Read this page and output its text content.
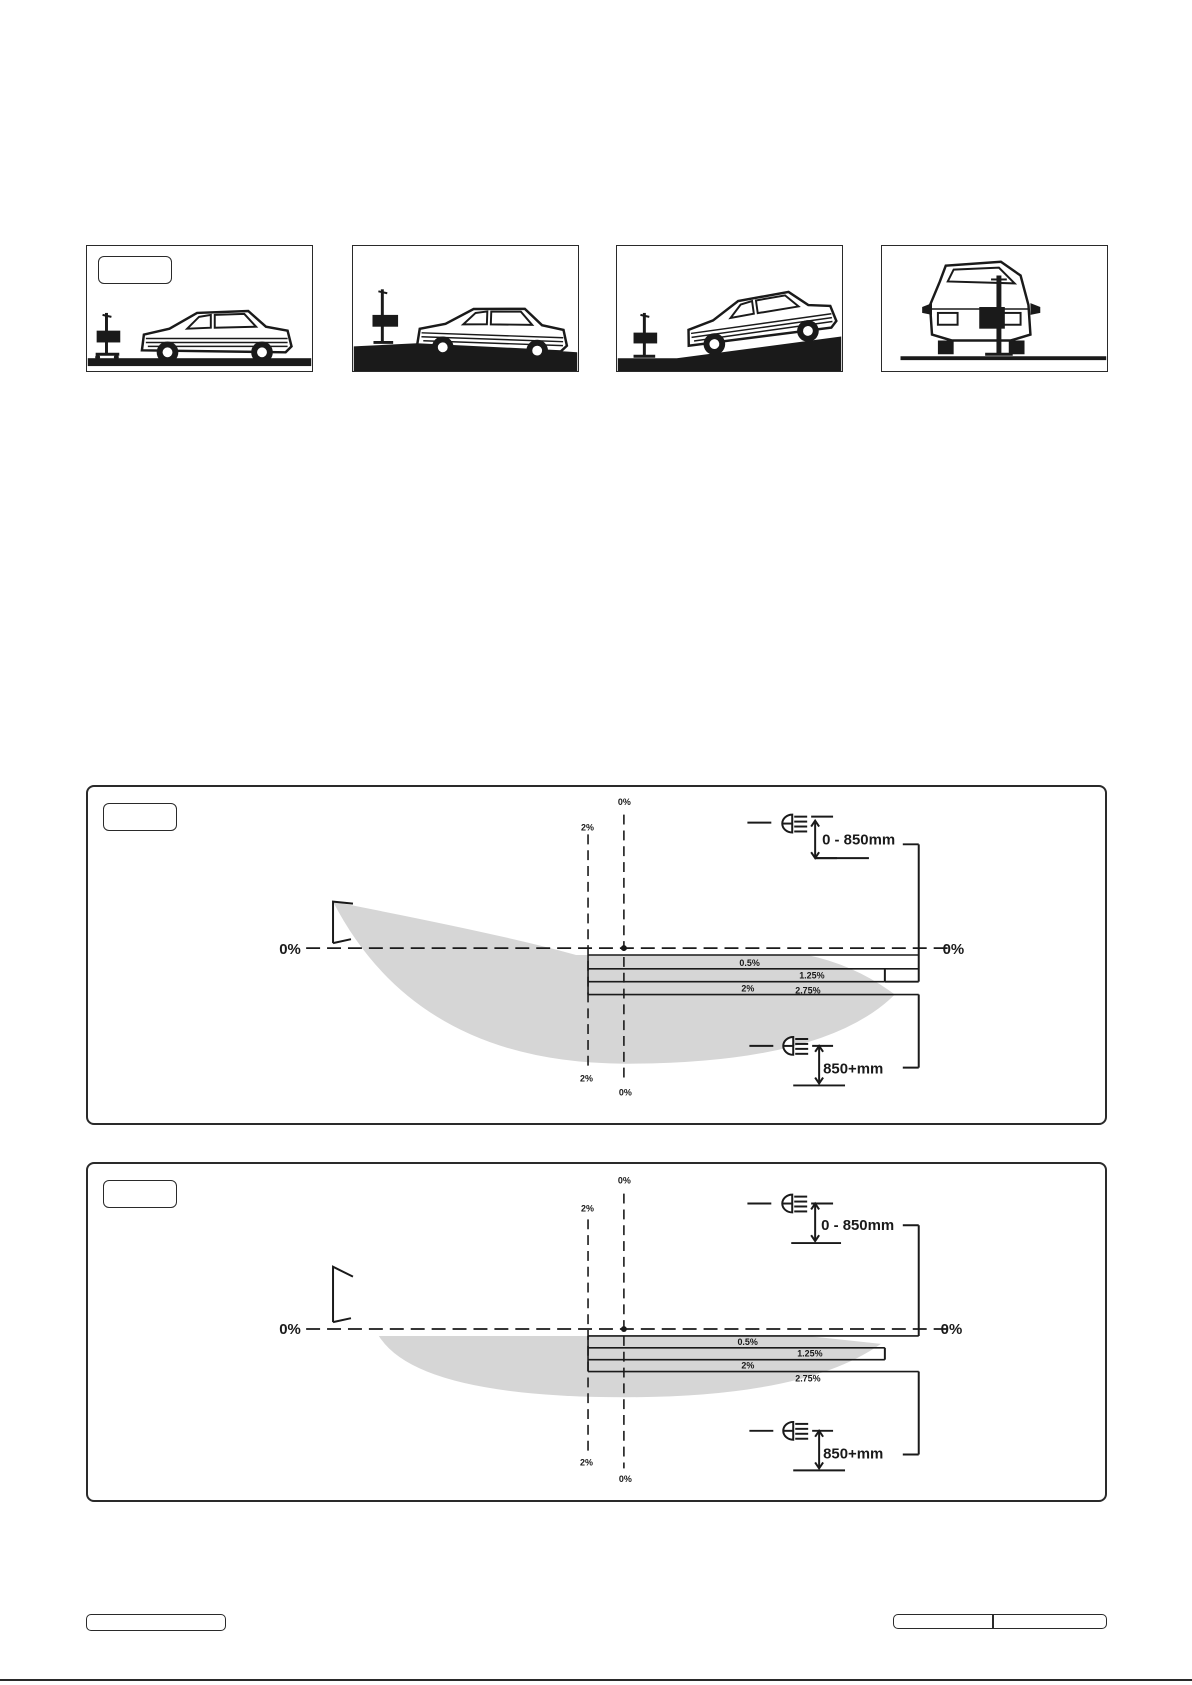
0%
2%
2%
0%
0%	0%
0.5%
1.25%
2%	2.75%
0 - 850mm
850+mm
0%
2%
2%
0%
0%	0%
0.5%
1.25%
2%
2.75%
0 - 850mm
850+mm
